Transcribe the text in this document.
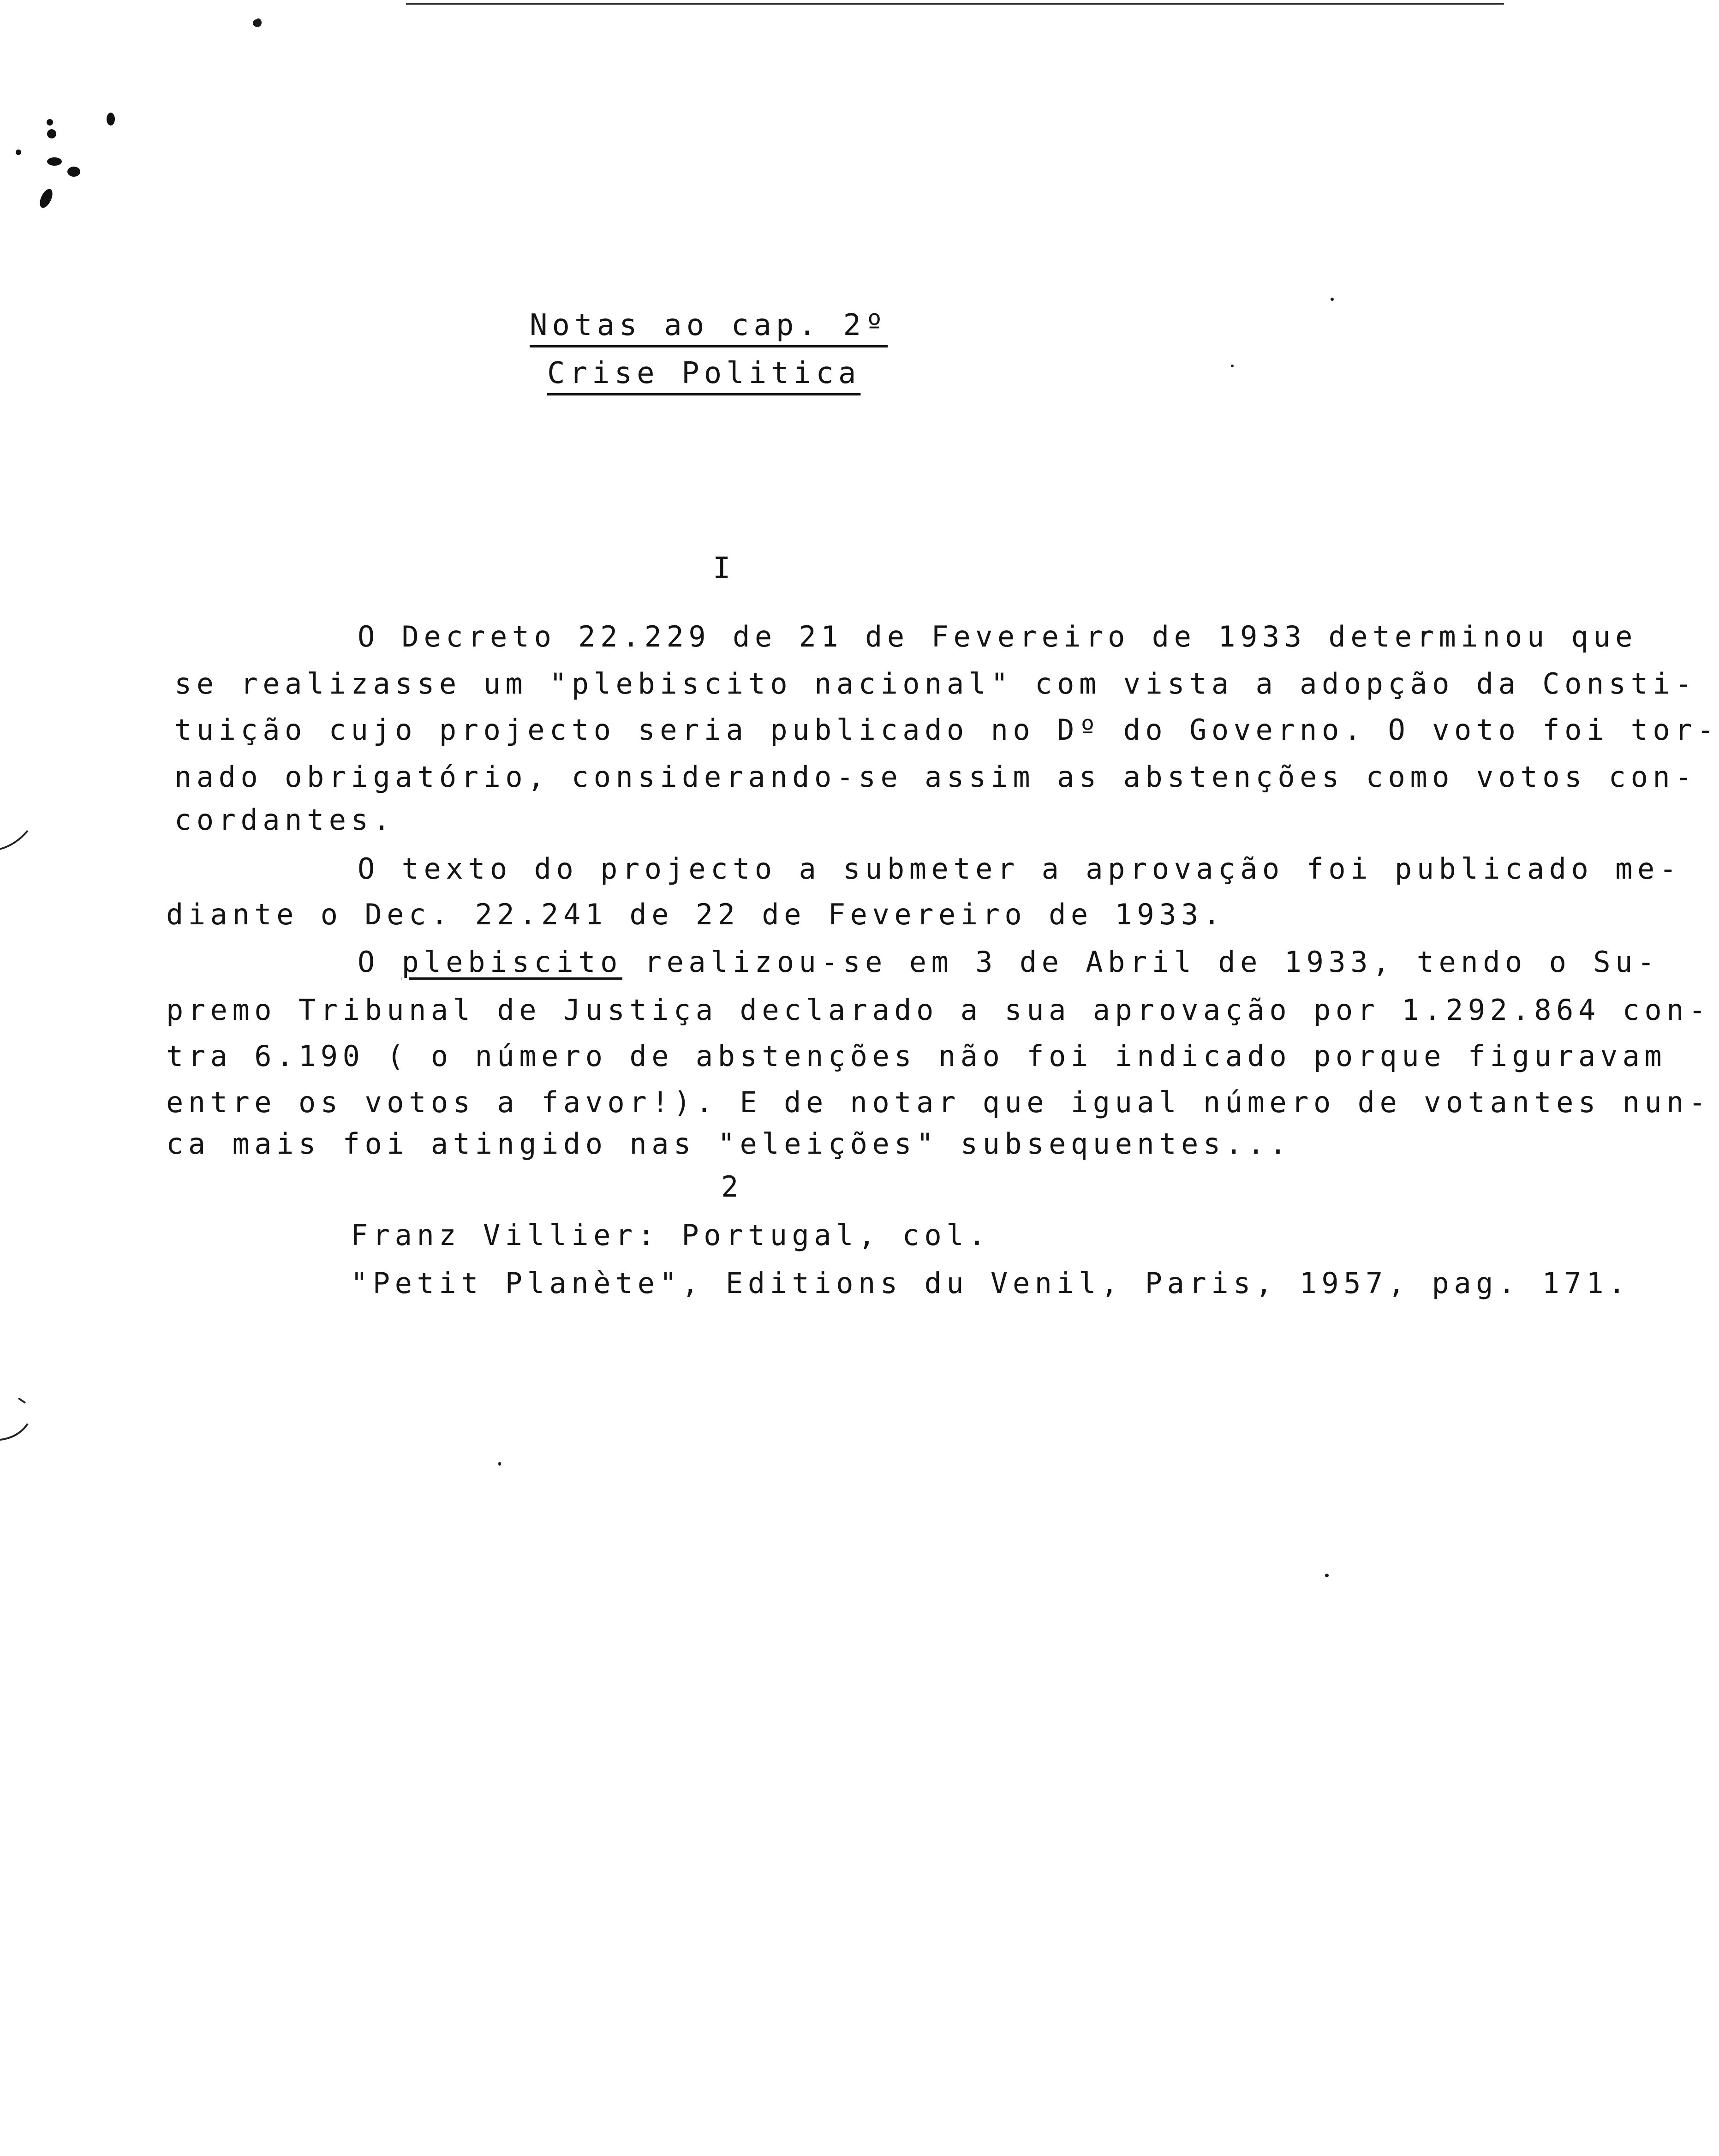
Notas ao cap. 2º
Crise Politica
I
O Decreto 22.229 de 21 de Fevereiro de 1933 determinou que
se realizasse um "plebiscito nacional" com vista a adopção da Consti-
tuição cujo projecto seria publicado no Dº do Governo. O voto foi tor-
nado obrigatório, considerando-se assim as abstenções como votos con-
cordantes.
O texto do projecto a submeter a aprovação foi publicado me-
diante o Dec. 22.241 de 22 de Fevereiro de 1933.
O plebiscito realizou-se em 3 de Abril de 1933, tendo o Su-
premo Tribunal de Justiça declarado a sua aprovação por 1.292.864 con-
tra 6.190 ( o número de abstenções não foi indicado porque figuravam
entre os votos a favor!). E de notar que igual número de votantes nun-
ca mais foi atingido nas "eleições" subsequentes...
2
Franz Villier: Portugal, col.
"Petit Planète", Editions du Venil, Paris, 1957, pag. 171.
